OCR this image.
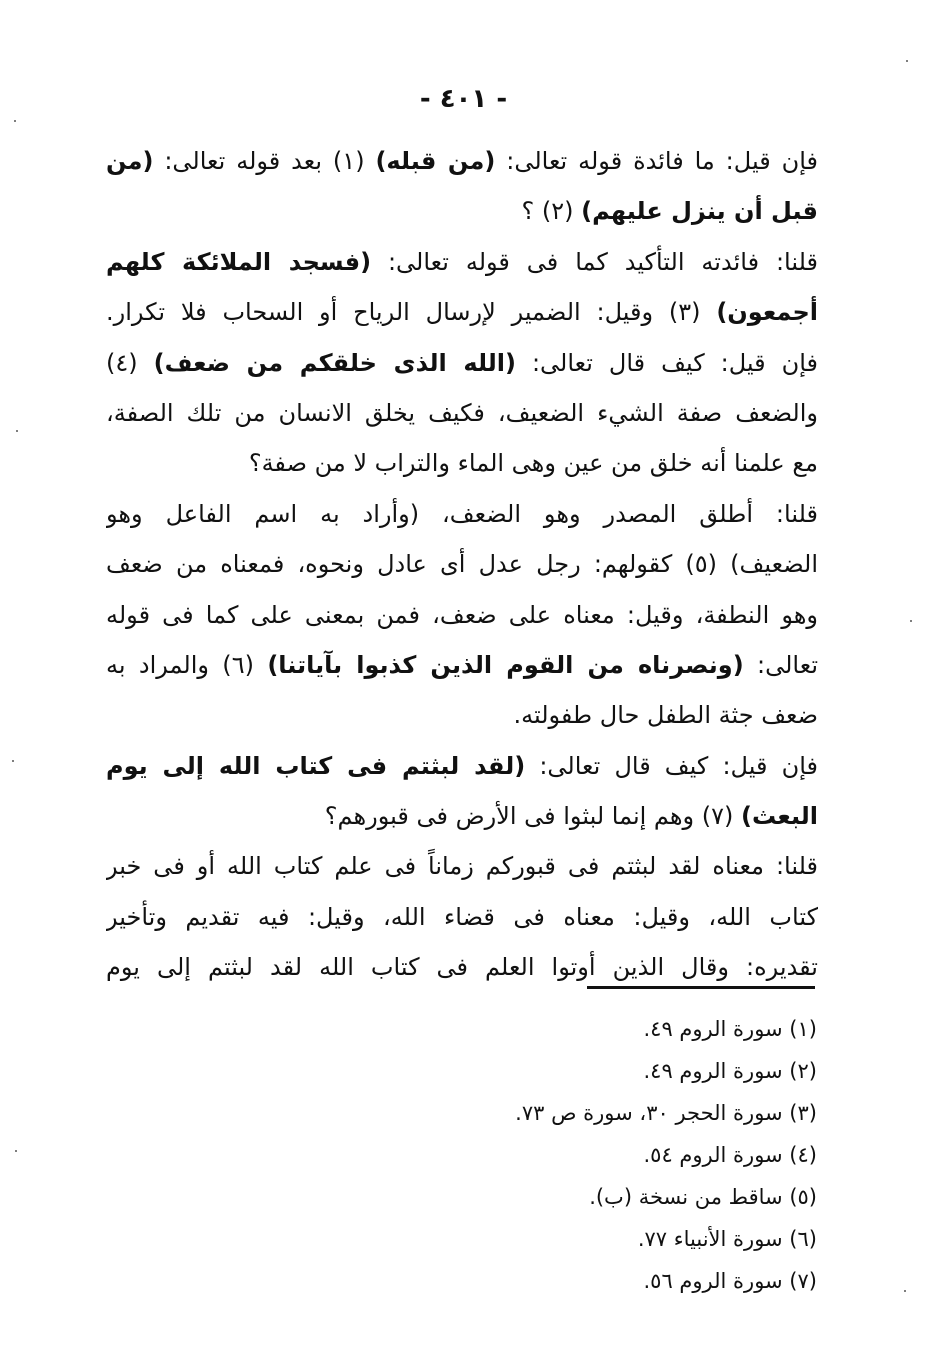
- ٤٠١ -
فإن قيل: ما فائدة قوله تعالى: (من قبله) (١) بعد قوله تعالى: (من
قبل أن ينزل عليهم) (٢) ؟
قلنا: فائدته التأكيد كما فى قوله تعالى: (فسجد الملائكة كلهم
أجمعون) (٣) وقيل: الضمير لإرسال الرياح أو السحاب فلا تكرار.
فإن قيل: كيف قال تعالى: (الله الذى خلقكم من ضعف) (٤)
والضعف صفة الشيء الضعيف، فكيف يخلق الانسان من تلك الصفة،
مع علمنا أنه خلق من عين وهى الماء والتراب لا من صفة؟
قلنا: أطلق المصدر وهو الضعف، (وأراد به اسم الفاعل وهو
الضعيف) (٥) كقولهم: رجل عدل أى عادل ونحوه، فمعناه من ضعف
وهو النطفة، وقيل: معناه على ضعف، فمن بمعنى على كما فى قوله
تعالى: (ونصرناه من القوم الذين كذبوا بآياتنا) (٦) والمراد به
ضعف جثة الطفل حال طفولته.
فإن قيل: كيف قال تعالى: (لقد لبثتم فى كتاب الله إلى يوم
البعث) (٧) وهم إنما لبثوا فى الأرض فى قبورهم؟
قلنا: معناه لقد لبثتم فى قبوركم زماناً فى علم كتاب الله أو فى خبر
كتاب الله، وقيل: معناه فى قضاء الله، وقيل: فيه تقديم وتأخير
تقديره: وقال الذين أوتوا العلم فى كتاب الله لقد لبثتم إلى يوم
(١) سورة الروم ٤٩.
(٢) سورة الروم ٤٩.
(٣) سورة الحجر ٣٠، سورة ص ٧٣.
(٤) سورة الروم ٥٤.
(٥) ساقط من نسخة (ب).
(٦) سورة الأنبياء ٧٧.
(٧) سورة الروم ٥٦.
